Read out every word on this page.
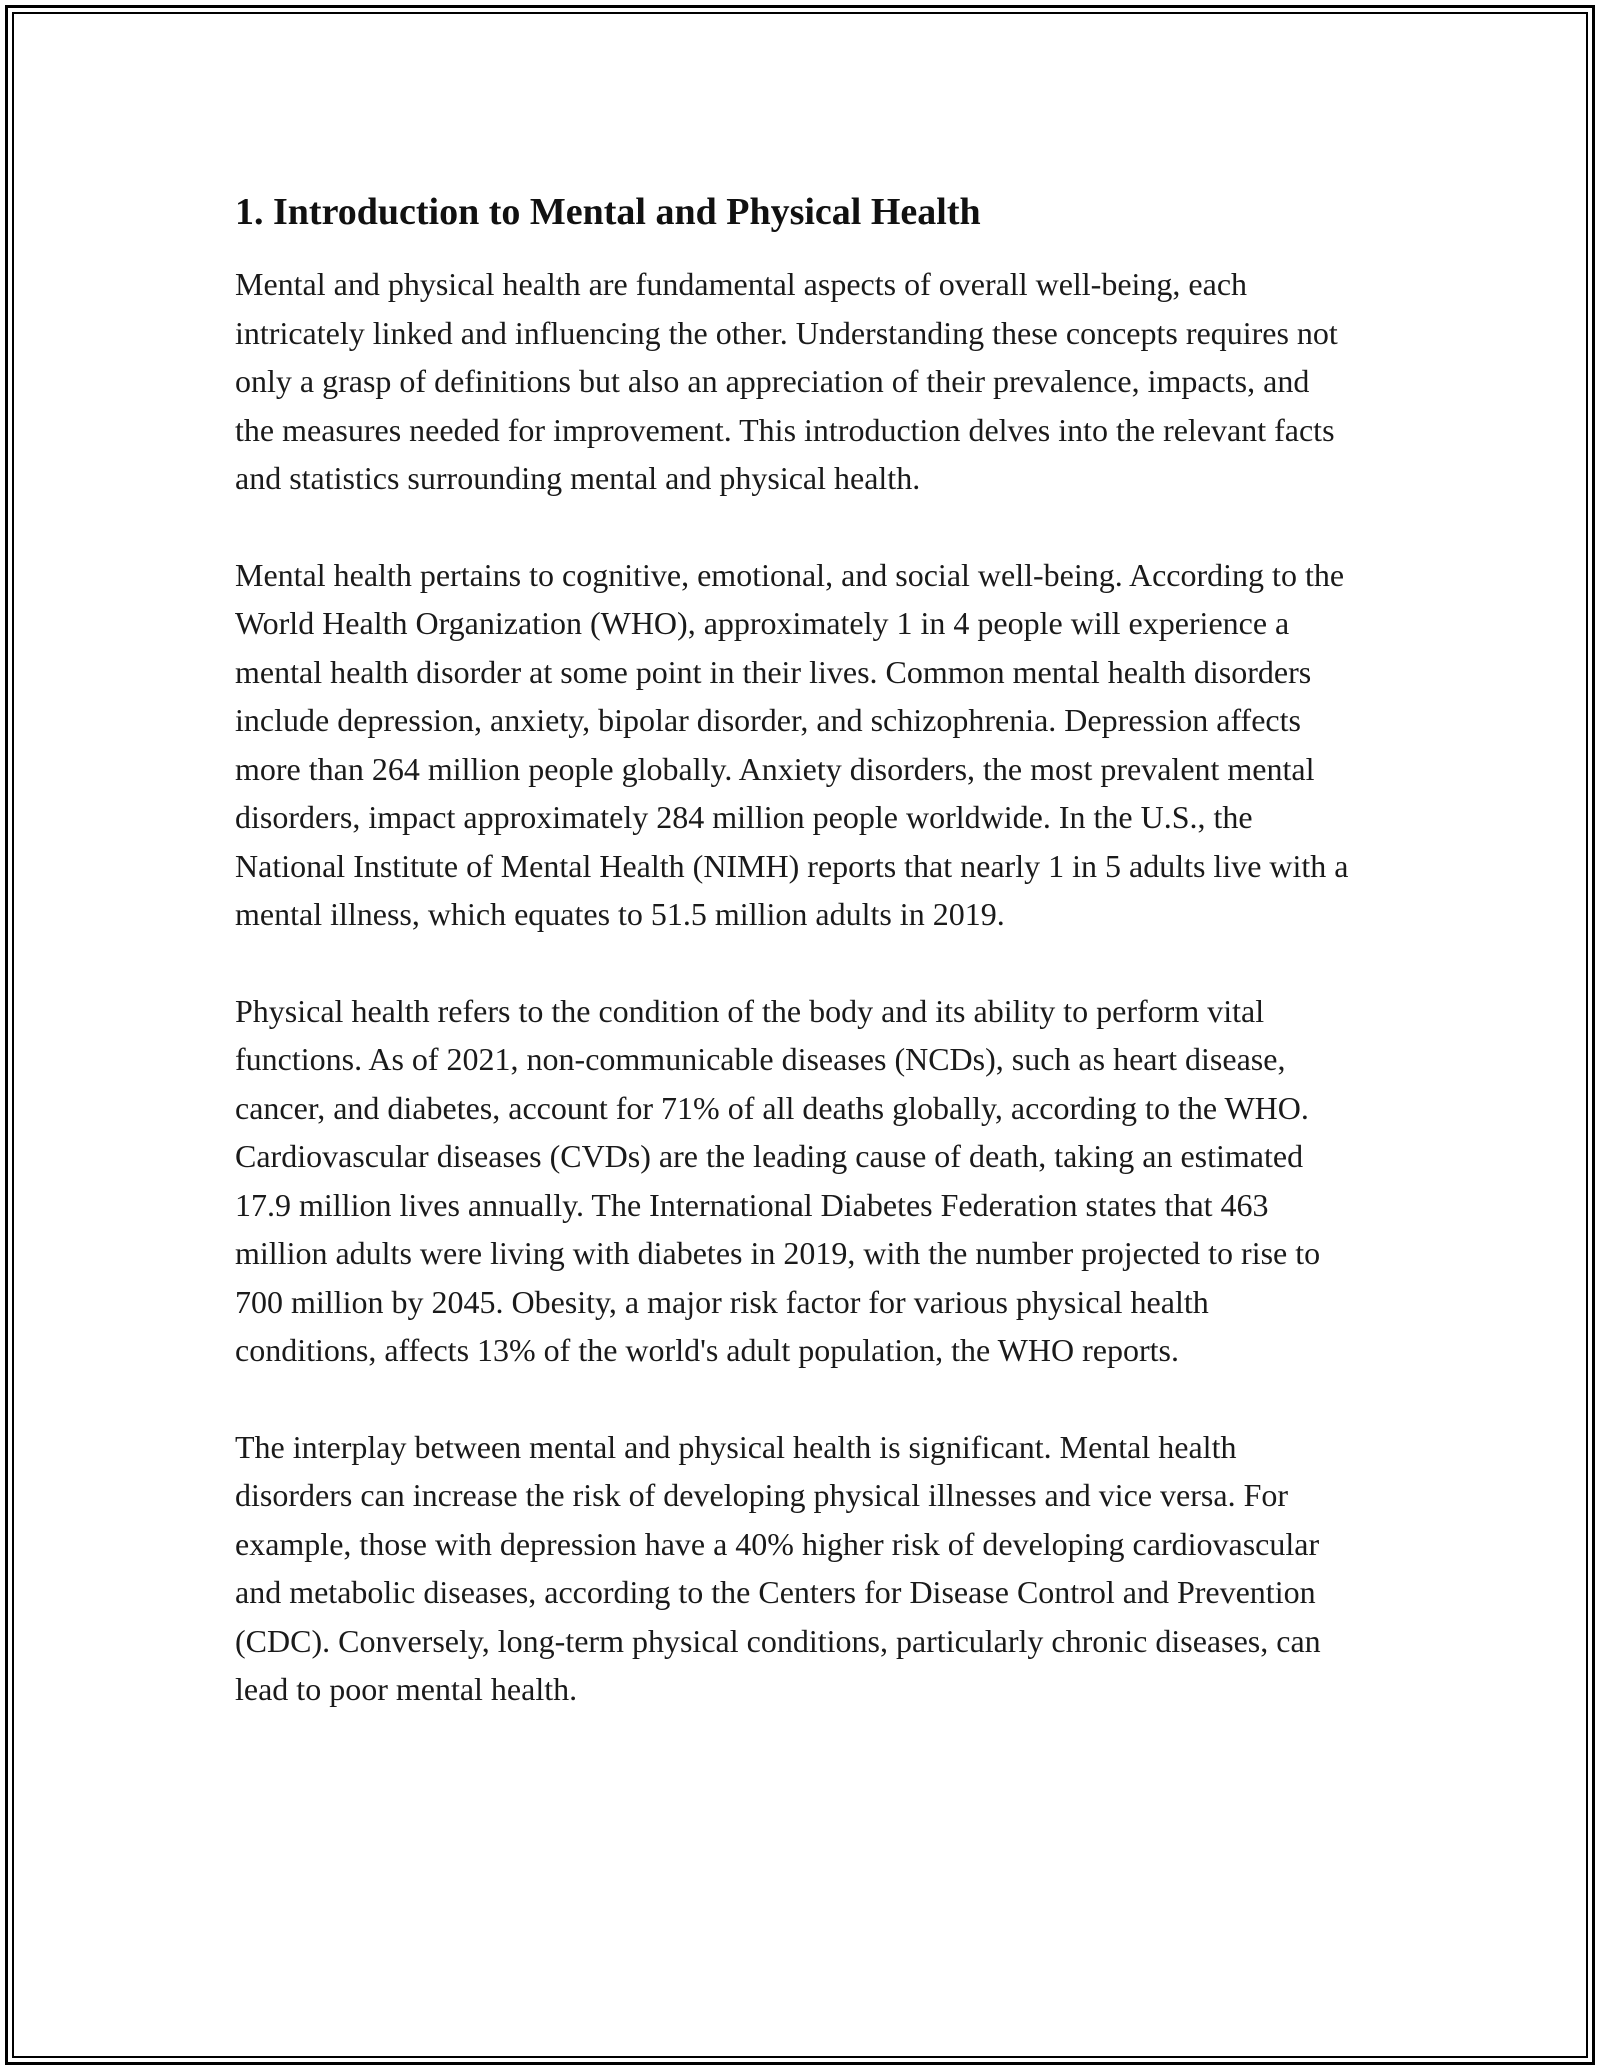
1. Introduction to Mental and Physical Health

Mental and physical health are fundamental aspects of overall well-being, each intricately linked and influencing the other. Understanding these concepts requires not only a grasp of definitions but also an appreciation of their prevalence, impacts, and the measures needed for improvement. This introduction delves into the relevant facts and statistics surrounding mental and physical health.

Mental health pertains to cognitive, emotional, and social well-being. According to the World Health Organization (WHO), approximately 1 in 4 people will experience a mental health disorder at some point in their lives. Common mental health disorders include depression, anxiety, bipolar disorder, and schizophrenia. Depression affects more than 264 million people globally. Anxiety disorders, the most prevalent mental disorders, impact approximately 284 million people worldwide. In the U.S., the National Institute of Mental Health (NIMH) reports that nearly 1 in 5 adults live with a mental illness, which equates to 51.5 million adults in 2019.

Physical health refers to the condition of the body and its ability to perform vital functions. As of 2021, non-communicable diseases (NCDs), such as heart disease, cancer, and diabetes, account for 71% of all deaths globally, according to the WHO. Cardiovascular diseases (CVDs) are the leading cause of death, taking an estimated 17.9 million lives annually. The International Diabetes Federation states that 463 million adults were living with diabetes in 2019, with the number projected to rise to 700 million by 2045. Obesity, a major risk factor for various physical health conditions, affects 13% of the world's adult population, the WHO reports.

The interplay between mental and physical health is significant. Mental health disorders can increase the risk of developing physical illnesses and vice versa. For example, those with depression have a 40% higher risk of developing cardiovascular and metabolic diseases, according to the Centers for Disease Control and Prevention (CDC). Conversely, long-term physical conditions, particularly chronic diseases, can lead to poor mental health.
